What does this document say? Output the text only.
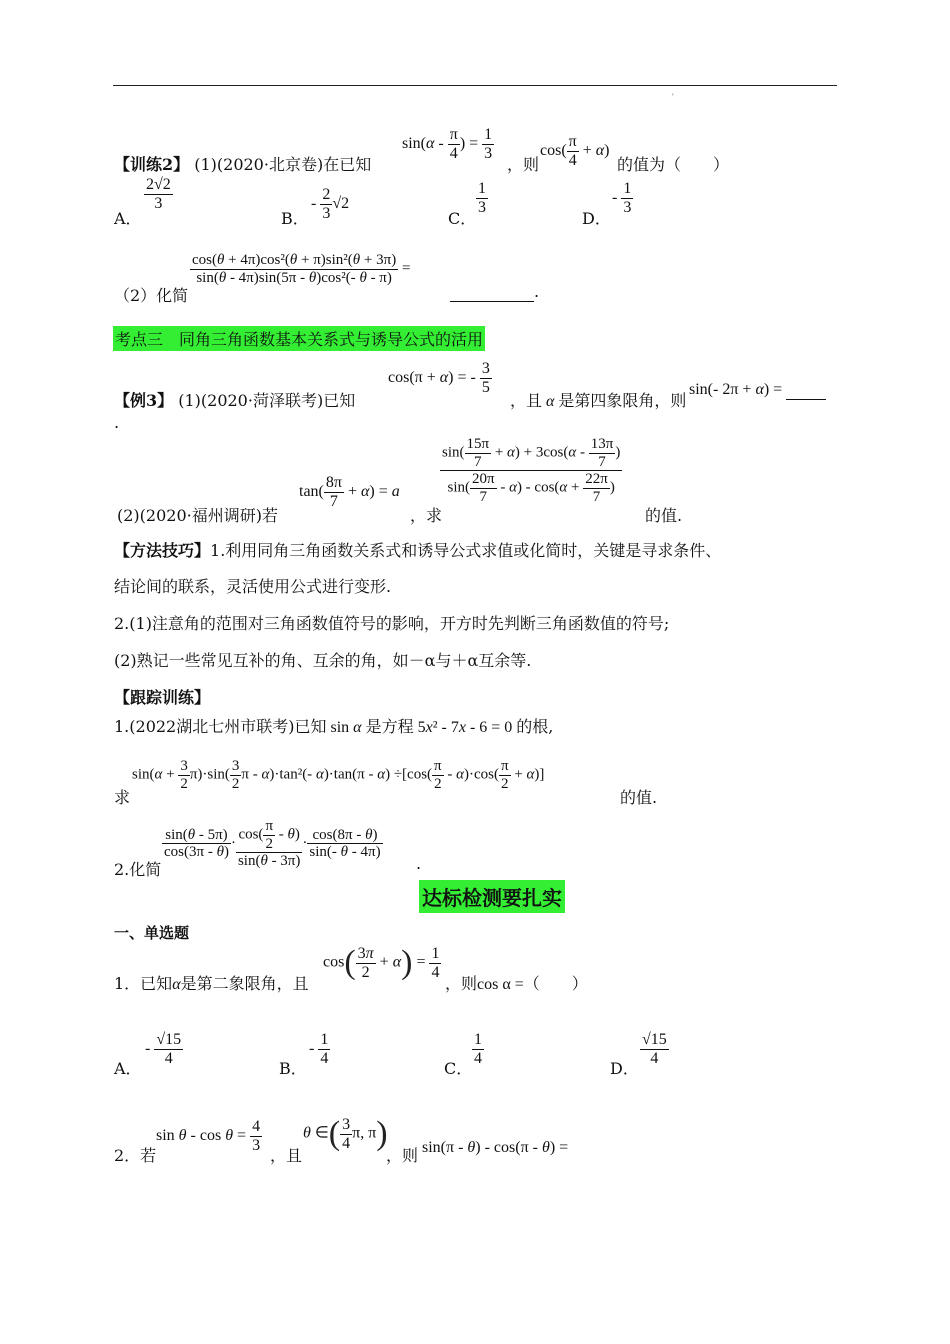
'
【训练2】 (1)(2020·北京卷)在已知
$\sin(\alpha - \frac{\pi}{4}$ ) = $\frac{1}{3}$
，则
$\cos( \frac{\pi}{4} + \alpha)$
的值为（　　）
A．
$\frac{2√2}{3}$
B．
- $\frac{2}{3} √2$
C．
$\frac{1}{3}$
D．
- $\frac{1}{3}$
（2）化简
$\frac{\text{cos(θ + 4π)cos²(θ + π)sin²(θ + 3π)}}{\text{sin(θ - 4π)sin(5π - θ)cos²(- θ - π)}}$ =
.
考点三　同角三角函数基本关系式与诱导公式的活用
【例3】 (1)(2020·菏泽联考)已知
cos(π + α) = - $\frac{3}{5}$
，且 α 是第四象限角，则
sin(- 2π + α) =
.
(2)(2020·福州调研)若
$\tan( \frac{8\pi}{7} + \alpha) = a$
，求
$\frac{\sin( \frac{15\pi}{7} + \alpha) + 3\cos(\alpha - \frac{13\pi}{7} )}{\sin( \frac{20\pi}{7} - \alpha) - \cos(\alpha + \frac{22\pi}{7} )}$
的值.
【方法技巧】1.利用同角三角函数关系式和诱导公式求值或化简时，关键是寻求条件、
结论间的联系，灵活使用公式进行变形.
2.(1)注意角的范围对三角函数值符号的影响，开方时先判断三角函数值的符号;
(2)熟记一些常见互补的角、互余的角，如－α与＋α互余等.
【跟踪训练】
1.(2022湖北七州市联考)已知 sin α 是方程 5x² - 7x - 6 = 0 的根,
求
$\sin(\alpha + \frac{3}{2} \pi)\cdot\sin( \frac{3}{2}$ π - α)·tan²(- $\alpha)\cdot\tan(\pi - \alpha) \div[\cos( \frac{\pi}{2} - \alpha)\cdot\cos( \frac{\pi}{2} + \alpha)]$
的值.
2.化简
$\frac{\sin(\theta - 5\pi)}{\cos(3\pi - \theta)} \cdot \frac{\cos( \frac{\pi}{2} - \theta)}{\sin(\theta - 3\pi)} \cdot \frac{\cos(8\pi - \theta)}{\sin(- \theta - 4\pi)}$
.
达标检测要扎实
一、单选题
1．已知α是第二象限角，且
$\cos( \frac{3\pi}{2} + \alpha) = \frac{1}{4}$
，则cos α =（　　）
A．
- $\frac{√15}{4}$
B．
- $\frac{1}{4}$
C．
$\frac{1}{4}$
D．
$\frac{√15}{4}$
2．若
$\sin \theta - \cos \theta = \frac{4}{3}$
，且
θ ∈( $\frac{3}{4} \pi$, π)
，则 sin(π - θ) - cos(π - θ) =
